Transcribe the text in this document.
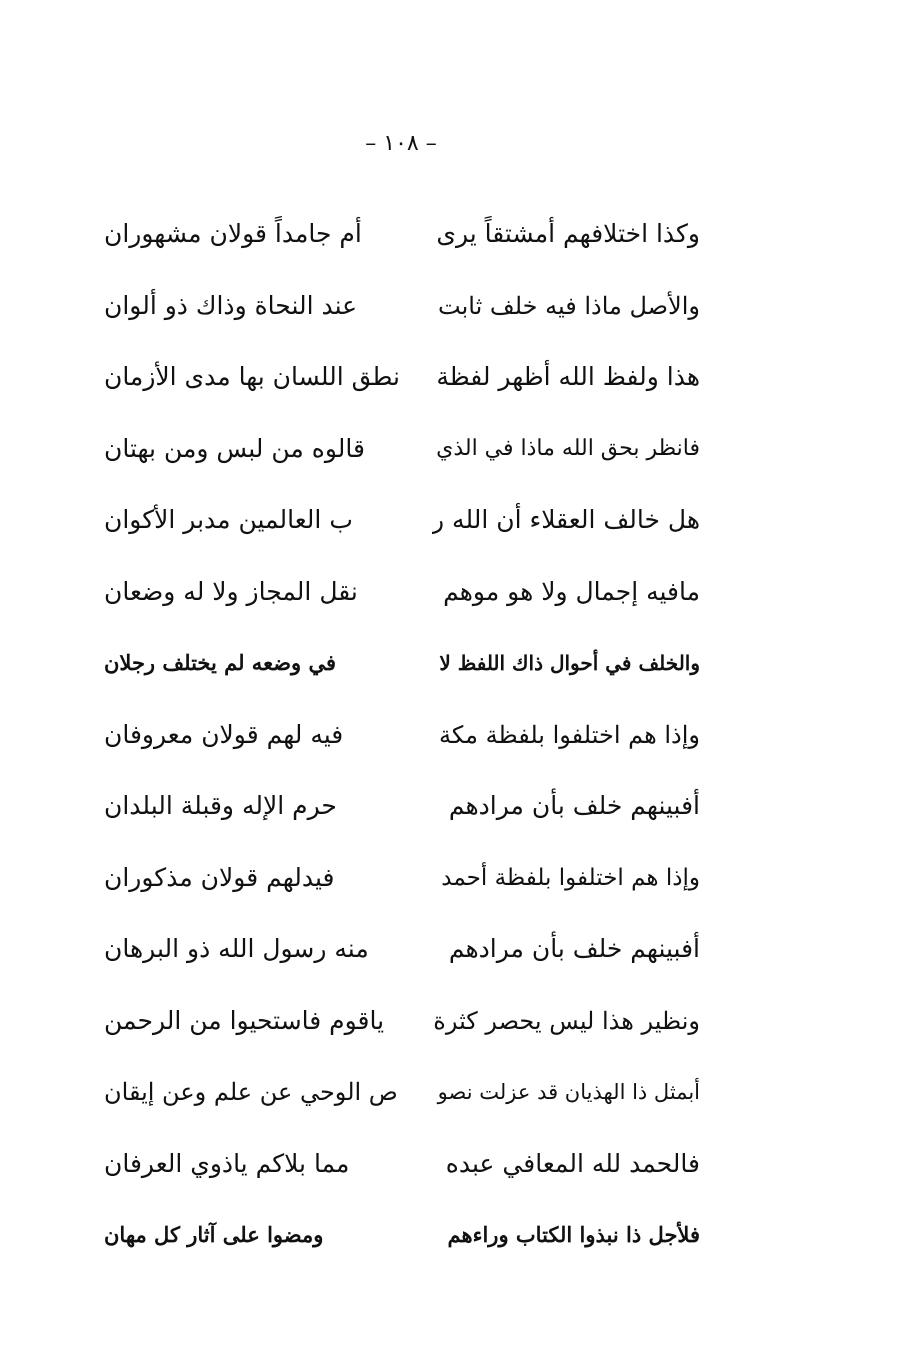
– ١٠٨ –
وكذا اختلافهم أمشتقاً يرى
أم جامداً قولان مشهوران
والأصل ماذا فيه خلف ثابت
عند النحاة وذاك ذو ألوان
هذا ولفظ الله أظهر لفظة
نطق اللسان بها مدى الأزمان
فانظر بحق الله ماذا في الذي
قالوه من لبس ومن بهتان
هل خالف العقلاء أن الله ر
ب العالمين مدبر الأكوان
مافيه إجمال ولا هو موهم
نقل المجاز ولا له وضعان
والخلف في أحوال ذاك اللفظ لا
في وضعه لم يختلف رجلان
وإذا هم اختلفوا بلفظة مكة
فيه لهم قولان معروفان
أفبينهم خلف بأن مرادهم
حرم الإله وقبلة البلدان
وإذا هم اختلفوا بلفظة أحمد
فيدلهم قولان مذكوران
أفبينهم خلف بأن مرادهم
منه رسول الله ذو البرهان
ونظير هذا ليس يحصر كثرة
ياقوم فاستحيوا من الرحمن
أبمثل ذا الهذيان قد عزلت نصو
ص الوحي عن علم وعن إيقان
فالحمد لله المعافي عبده
مما بلاكم ياذوي العرفان
فلأجل ذا نبذوا الكتاب وراءهم
ومضوا على آثار كل مهان
